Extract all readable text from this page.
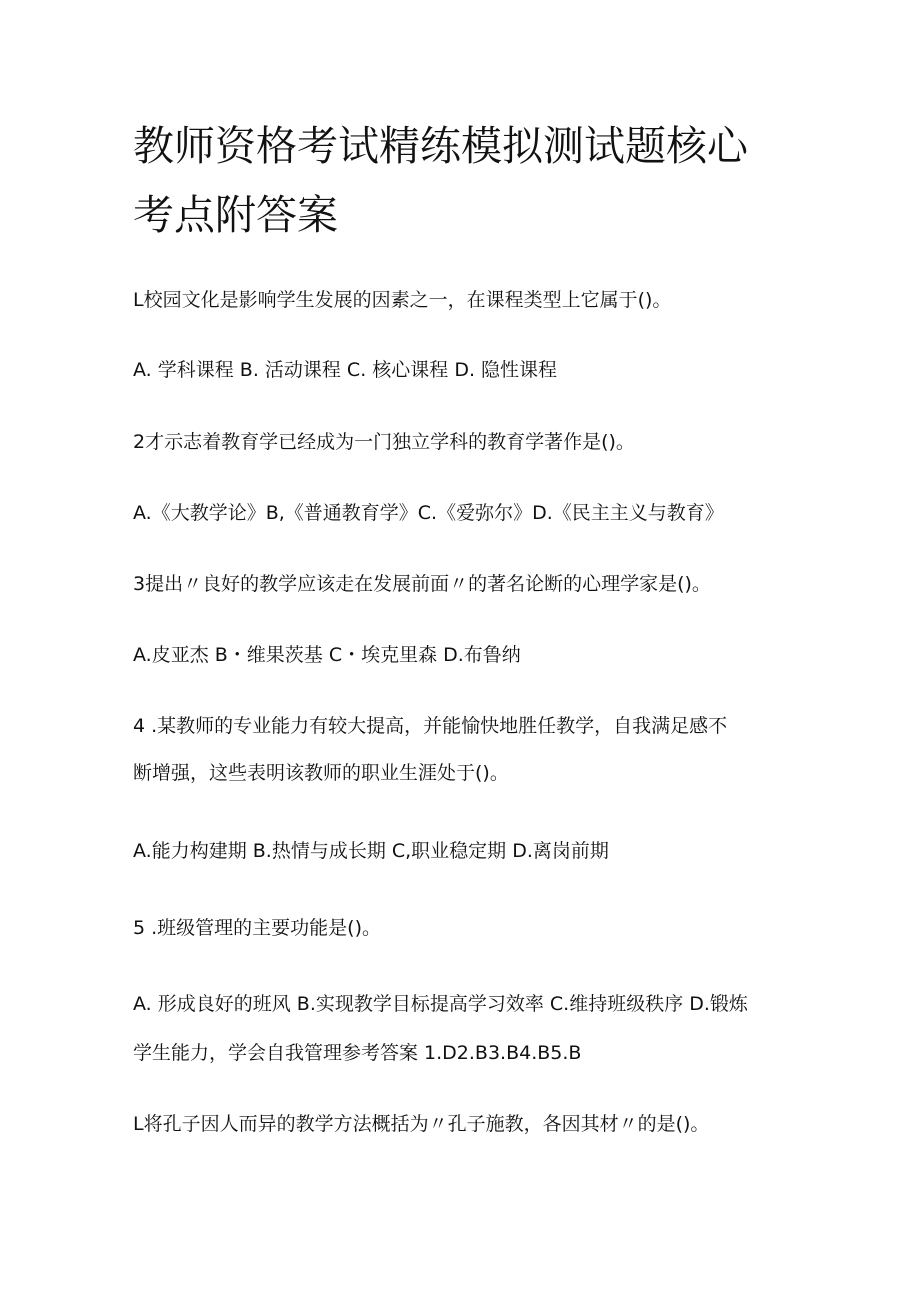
教师资格考试精练模拟测试题核心
考点附答案
L校园文化是影响学生发展的因素之一，在课程类型上它属于()。
A. 学科课程 B. 活动课程 C. 核心课程 D. 隐性课程
2才示志着教育学已经成为一门独立学科的教育学著作是()。
A.《大教学论》B,《普通教育学》C.《爱弥尔》D.《民主主义与教育》
3提出〃良好的教学应该走在发展前面〃的著名论断的心理学家是()。
A.皮亚杰 B・维果茨基 C・埃克里森 D.布鲁纳
4 .某教师的专业能力有较大提高，并能愉快地胜任教学，自我满足感不
断增强，这些表明该教师的职业生涯处于()。
A.能力构建期 B.热情与成长期 C,职业稳定期 D.离岗前期
5 .班级管理的主要功能是()。
A. 形成良好的班风 B.实现教学目标提高学习效率 C.维持班级秩序 D.锻炼
学生能力，学会自我管理参考答案 1.D2.B3.B4.B5.B
L将孔子因人而异的教学方法概括为〃孔子施教，各因其材〃的是()。
